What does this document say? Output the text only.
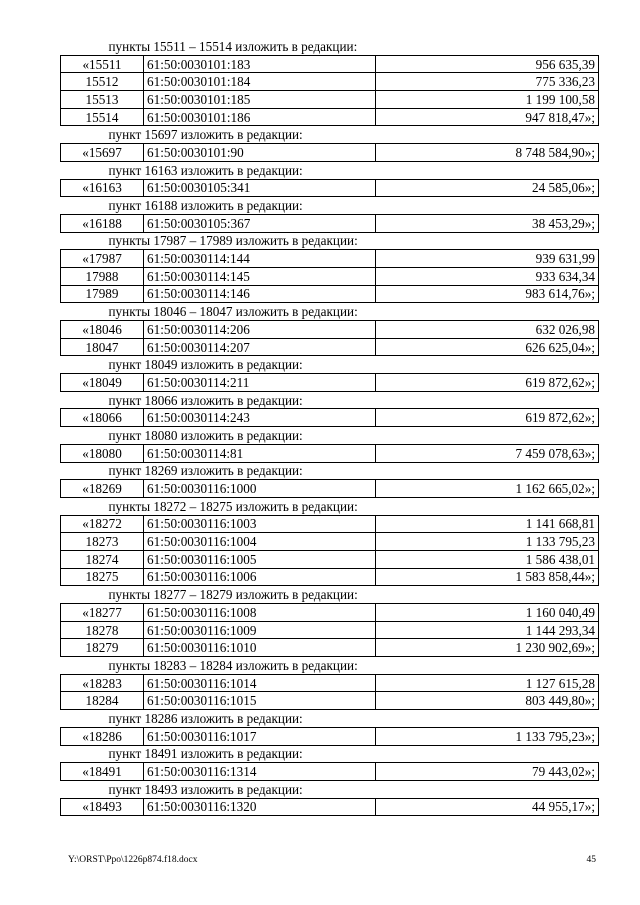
пункты 15511 – 15514 изложить в редакции:		
«15511	61:50:0030101:183	956 635,39
15512	61:50:0030101:184	775 336,23
15513	61:50:0030101:185	1 199 100,58
15514	61:50:0030101:186	947 818,47»;
пункт 15697 изложить в редакции:		
«15697	61:50:0030101:90	8 748 584,90»;
пункт 16163 изложить в редакции:		
«16163	61:50:0030105:341	24 585,06»;
пункт 16188 изложить в редакции:		
«16188	61:50:0030105:367	38 453,29»;
пункты 17987 – 17989 изложить в редакции:		
«17987	61:50:0030114:144	939 631,99
17988	61:50:0030114:145	933 634,34
17989	61:50:0030114:146	983 614,76»;
пункты 18046 – 18047 изложить в редакции:		
«18046	61:50:0030114:206	632 026,98
18047	61:50:0030114:207	626 625,04»;
пункт 18049 изложить в редакции:		
«18049	61:50:0030114:211	619 872,62»;
пункт 18066 изложить в редакции:		
«18066	61:50:0030114:243	619 872,62»;
пункт 18080 изложить в редакции:		
«18080	61:50:0030114:81	7 459 078,63»;
пункт 18269 изложить в редакции:		
«18269	61:50:0030116:1000	1 162 665,02»;
пункты 18272 – 18275 изложить в редакции:		
«18272	61:50:0030116:1003	1 141 668,81
18273	61:50:0030116:1004	1 133 795,23
18274	61:50:0030116:1005	1 586 438,01
18275	61:50:0030116:1006	1 583 858,44»;
пункты 18277 – 18279 изложить в редакции:		
«18277	61:50:0030116:1008	1 160 040,49
18278	61:50:0030116:1009	1 144 293,34
18279	61:50:0030116:1010	1 230 902,69»;
пункты 18283 – 18284 изложить в редакции:		
«18283	61:50:0030116:1014	1 127 615,28
18284	61:50:0030116:1015	803 449,80»;
пункт 18286 изложить в редакции:		
«18286	61:50:0030116:1017	1 133 795,23»;
пункт 18491 изложить в редакции:		
«18491	61:50:0030116:1314	79 443,02»;
пункт 18493 изложить в редакции:		
«18493	61:50:0030116:1320	44 955,17»;
Y:\ORST\Ppo\1226p874.f18.docx	45
